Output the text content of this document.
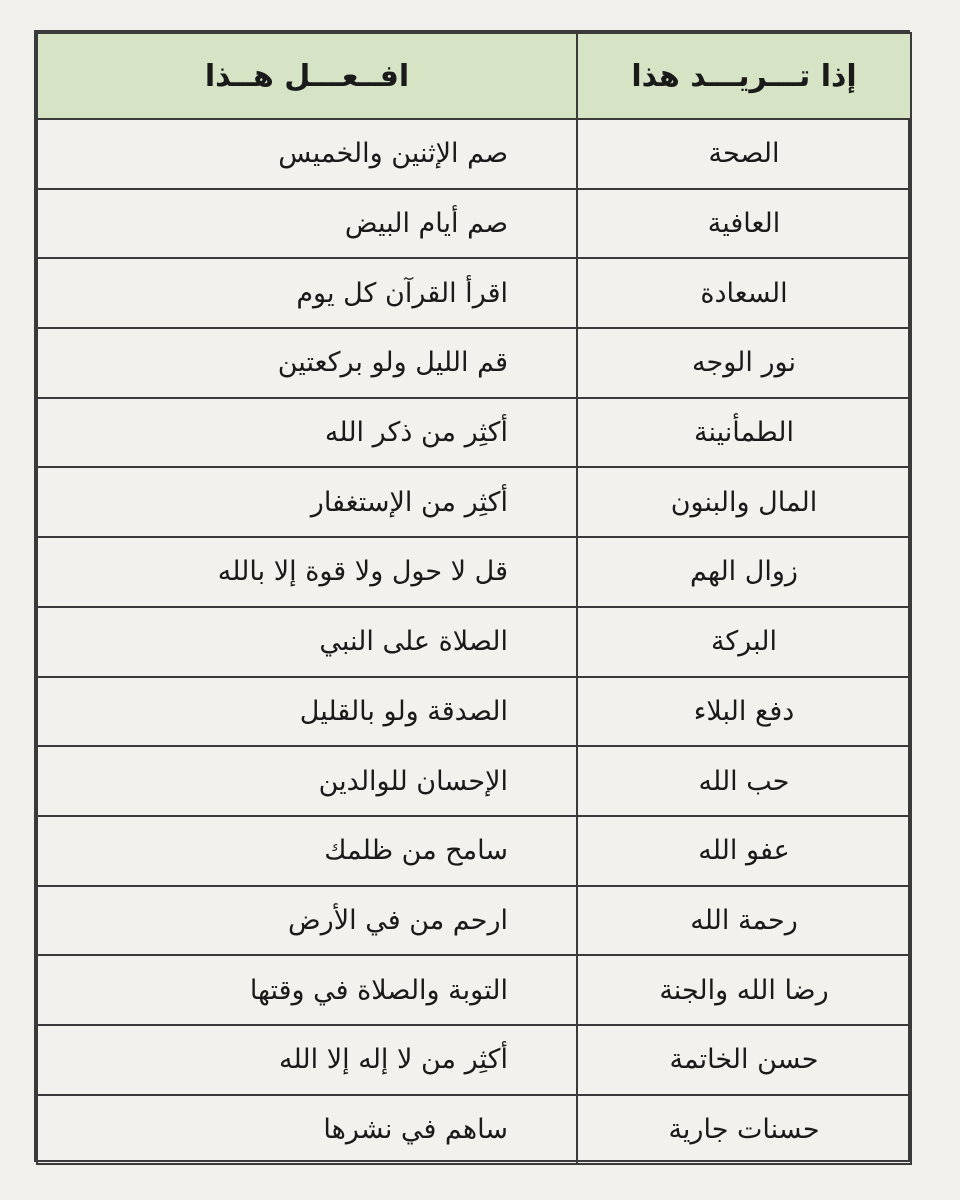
إذا تـــريـــد هذا	افــعـــل هــذا
الصحة	صم الإثنين والخميس
العافية	صم أيام البيض
السعادة	اقرأ القرآن كل يوم
نور الوجه	قم الليل ولو بركعتين
الطمأنينة	أكثِر من ذكر الله
المال والبنون	أكثِر من الإستغفار
زوال الهم	قل لا حول ولا قوة إلا بالله
البركة	الصلاة على النبي
دفع البلاء	الصدقة ولو بالقليل
حب الله	الإحسان للوالدين
عفو الله	سامح من ظلمك
رحمة الله	ارحم من في الأرض
رضا الله والجنة	التوبة والصلاة في وقتها
حسن الخاتمة	أكثِر من لا إله إلا الله
حسنات جارية	ساهم في نشرها
